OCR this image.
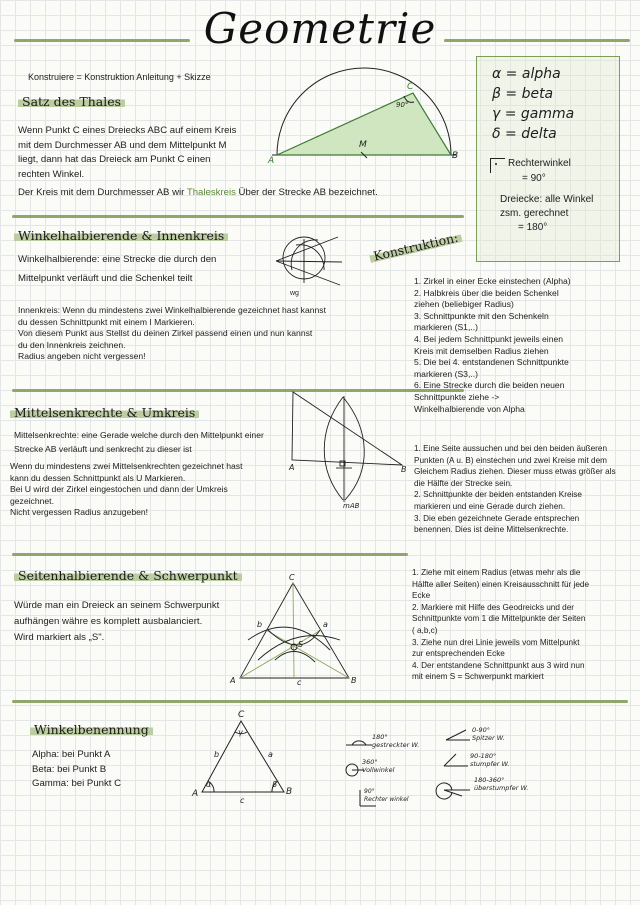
Geometrie
Konstruiere = Konstruktion Anleitung + Skizze	α = alpha
β = beta
γ = gamma
δ = delta
Rechterwinkel
= 90°
Dreiecke: alle Winkel
zsm. gerechnet
= 180°
Satz des Thales
Wenn Punkt C eines Dreiecks ABC auf einem Kreis
mit dem Durchmesser AB und dem Mittelpunkt M
liegt, dann hat das Dreieck am Punkt C einen
rechten Winkel.
Der Kreis mit dem Durchmesser AB wir Thaleskreis Über der Strecke AB bezeichnet.
A	B
C
M
90°
Winkelhalbierende & Innenkreis
Winkelhalbierende: eine Strecke die durch den
Mittelpunkt verläuft und die Schenkel teilt
wg
Innenkreis: Wenn du mindestens zwei Winkelhalbierende gezeichnet hast kannst
du dessen Schnittpunkt mit einem I Markieren.
Von diesem Punkt aus Stellst du deinen Zirkel passend einen und nun kannst
du den Innenkreis zeichnen.
Radius angeben nicht vergessen!
Konstruktion:
1. Zirkel in einer Ecke einstechen (Alpha)
2. Halbkreis über die beiden Schenkel
ziehen (beliebiger Radius)
3. Schnittpunkte mit den Schenkeln
markieren (S1,..)
4. Bei jedem Schnittpunkt jeweils einen
Kreis mit demselben Radius ziehen
5. Die bei 4. entstandenen Schnittpunkte
markieren (S3,..)
6. Eine Strecke durch die beiden neuen
Schnittpunkte ziehe ->
Winkelhalbierende von Alpha
Mittelsenkrechte & Umkreis
Mittelsenkrechte: eine Gerade welche durch den Mittelpunkt einer
Strecke AB verläuft und senkrecht zu dieser ist
Wenn du mindestens zwei Mittelsenkrechten gezeichnet hast
kann du dessen Schnittpunkt als U Markieren.
Bei U wird der Zirkel eingestochen und dann der Umkreis
gezeichnet.
Nicht vergessen Radius anzugeben!
A	B
mAB
1. Eine Seite aussuchen und bei den beiden äußeren
Punkten (A u. B) einstechen und zwei Kreise mit dem
Gleichem Radius ziehen. Dieser muss etwas größer als
die Hälfte der Strecke sein.
2. Schnittpunkte der beiden entstanden Kreise
markieren und eine Gerade durch ziehen.
3. Die eben gezeichnete Gerade entsprechen
benennen. Dies ist deine Mittelsenkrechte.
Seitenhalbierende & Schwerpunkt
Würde man ein Dreieck an seinem Schwerpunkt
aufhängen währe es komplett ausbalanciert.
Wird markiert als „S".
C
A	B
c
a
b
S
1. Ziehe mit einem Radius (etwas mehr als die
Hälfte aller Seiten) einen Kreisausschnitt für jede
Ecke
2. Markiere mit Hilfe des Geodreicks und der
Schnittpunkte vom 1 die Mittelpunkte der Seiten
( a,b,c)
3. Ziehe nun drei Linie jeweils vom Mittelpunkt
zur entsprechenden Ecke
4. Der entstandene Schnittpunkt aus 3 wird nun
mit einem S = Schwerpunkt markiert
Winkelbenennung
Alpha: bei Punkt A
Beta: bei Punkt B
Gamma: bei Punkt C
C
A	B
c
a
b
α	β
γ	180°
gestreckter W.
360°
Vollwinkel
90°
Rechter winkel
0-90°
Spitzer W.
90-180°
stumpfer W.
180-360°
überstumpfer W.
